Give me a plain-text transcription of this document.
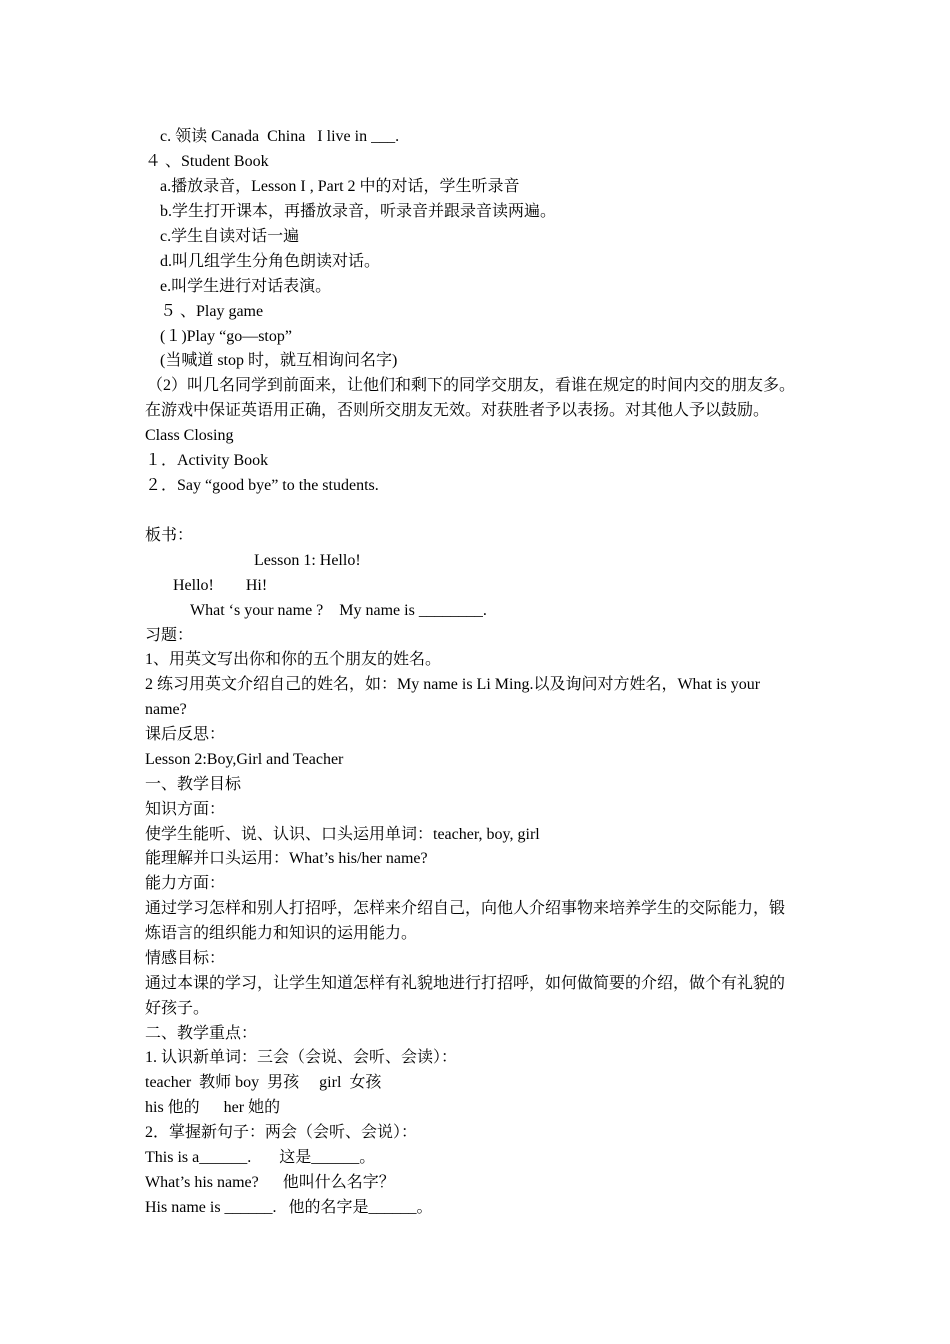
c. 领读 Canada  China   I live in ___.
４ 、Student Book
a.播放录音，Lesson I , Part 2 中的对话，学生听录音
b.学生打开课本，再播放录音，听录音并跟录音读两遍。
c.学生自读对话一遍
d.叫几组学生分角色朗读对话。
e.叫学生进行对话表演。
５ 、Play game
(１)Play “go—stop”
(当喊道 stop 时，就互相询问名字)
（2）叫几名同学到前面来，让他们和剩下的同学交朋友，看谁在规定的时间内交的朋友多。
在游戏中保证英语用正确，否则所交朋友无效。对获胜者予以表扬。对其他人予以鼓励。
Class Closing
１．Activity Book
２．Say “good bye” to the students.
板书：
Lesson 1: Hello!
Hello!        Hi!
What ‘s your name ?    My name is ________.
习题：
1、用英文写出你和你的五个朋友的姓名。
2 练习用英文介绍自己的姓名，如：My name is Li Ming.以及询问对方姓名，What is your
name?
课后反思：
Lesson 2:Boy,Girl and Teacher
一、教学目标
知识方面：
使学生能听、说、认识、口头运用单词：teacher, boy, girl
能理解并口头运用：What’s his/her name?
能力方面：
通过学习怎样和别人打招呼，怎样来介绍自己，向他人介绍事物来培养学生的交际能力，锻
炼语言的组织能力和知识的运用能力。
情感目标：
通过本课的学习，让学生知道怎样有礼貌地进行打招呼，如何做简要的介绍，做个有礼貌的
好孩子。
二、教学重点：
1. 认识新单词：三会（会说、会听、会读）：
teacher  教师 boy  男孩     girl  女孩
his 他的      her 她的
2．掌握新句子：两会（会听、会说）：
This is a______.       这是______。
What’s his name?      他叫什么名字？
His name is ______.   他的名字是______。
